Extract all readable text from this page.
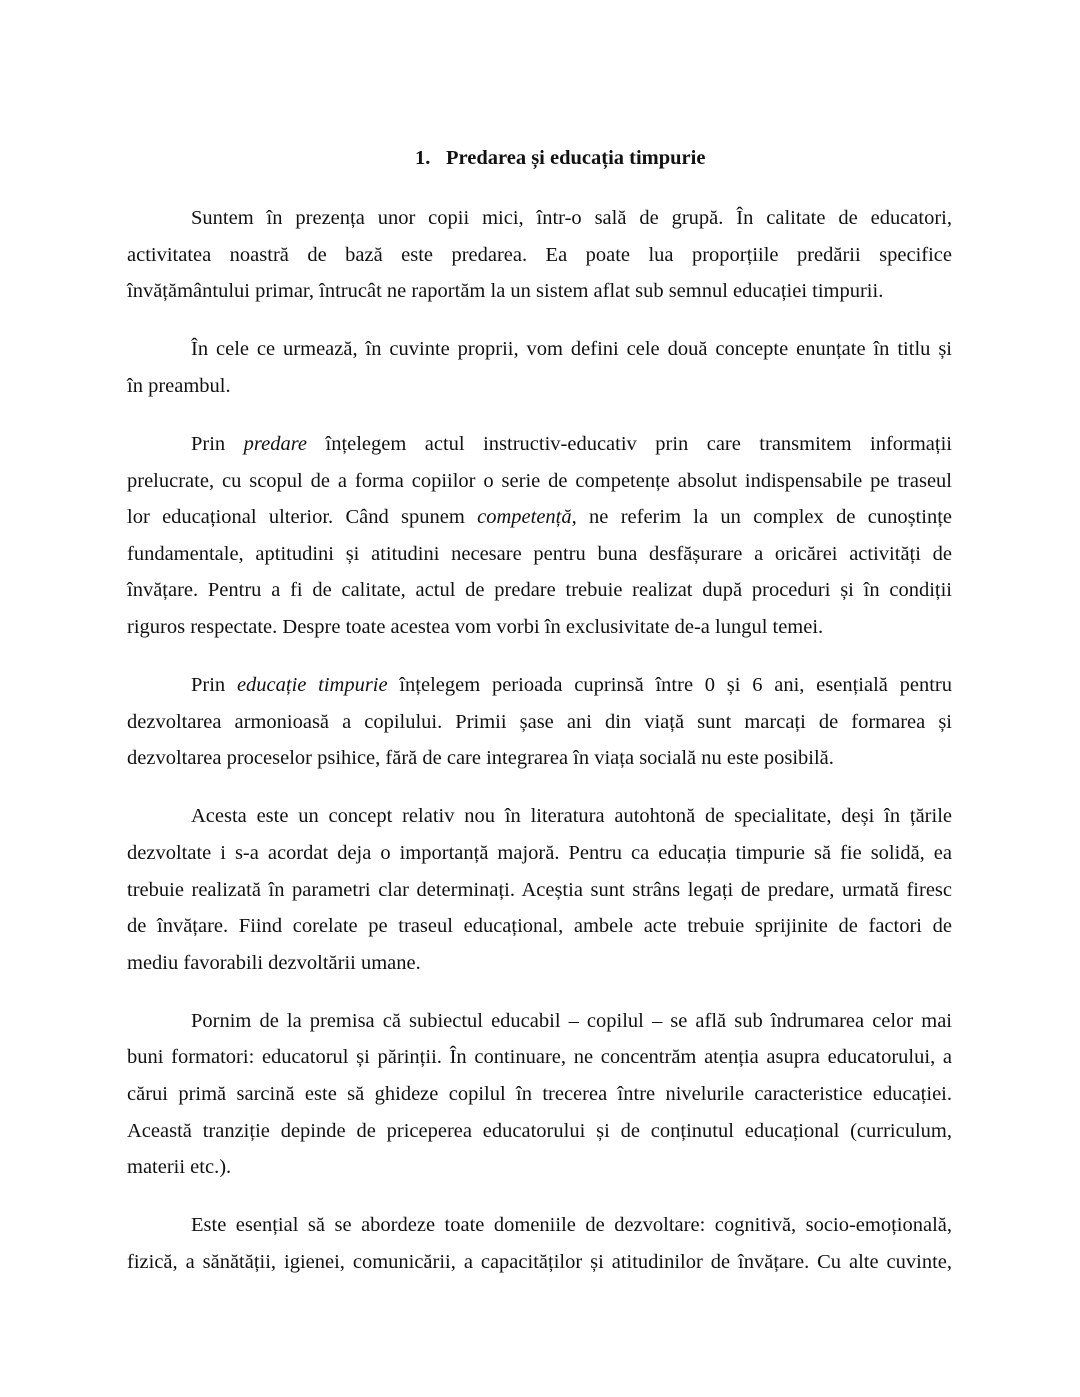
1. Predarea și educația timpurie
Suntem în prezența unor copii mici, într-o sală de grupă. În calitate de educatori,
activitatea noastră de bază este predarea. Ea poate lua proporțiile predării specifice
învățământului primar, întrucât ne raportăm la un sistem aflat sub semnul educației timpurii.
În cele ce urmează, în cuvinte proprii, vom defini cele două concepte enunțate în titlu și
în preambul.
Prin predare înțelegem actul instructiv-educativ prin care transmitem informații
prelucrate, cu scopul de a forma copiilor o serie de competențe absolut indispensabile pe traseul
lor educațional ulterior. Când spunem competență, ne referim la un complex de cunoștințe
fundamentale, aptitudini și atitudini necesare pentru buna desfășurare a oricărei activități de
învățare. Pentru a fi de calitate, actul de predare trebuie realizat după proceduri și în condiții
riguros respectate. Despre toate acestea vom vorbi în exclusivitate de-a lungul temei.
Prin educație timpurie înțelegem perioada cuprinsă între 0 și 6 ani, esențială pentru
dezvoltarea armonioasă a copilului. Primii șase ani din viață sunt marcați de formarea și
dezvoltarea proceselor psihice, fără de care integrarea în viața socială nu este posibilă.
Acesta este un concept relativ nou în literatura autohtonă de specialitate, deși în țările
dezvoltate i s-a acordat deja o importanță majoră. Pentru ca educația timpurie să fie solidă, ea
trebuie realizată în parametri clar determinați. Aceștia sunt strâns legați de predare, urmată firesc
de învățare. Fiind corelate pe traseul educațional, ambele acte trebuie sprijinite de factori de
mediu favorabili dezvoltării umane.
Pornim de la premisa că subiectul educabil – copilul – se află sub îndrumarea celor mai
buni formatori: educatorul și părinții. În continuare, ne concentrăm atenția asupra educatorului, a
cărui primă sarcină este să ghideze copilul în trecerea între nivelurile caracteristice educației.
Această tranziție depinde de priceperea educatorului și de conținutul educațional (curriculum,
materii etc.).
Este esențial să se abordeze toate domeniile de dezvoltare: cognitivă, socio-emoțională,
fizică, a sănătății, igienei, comunicării, a capacităților și atitudinilor de învățare. Cu alte cuvinte,
